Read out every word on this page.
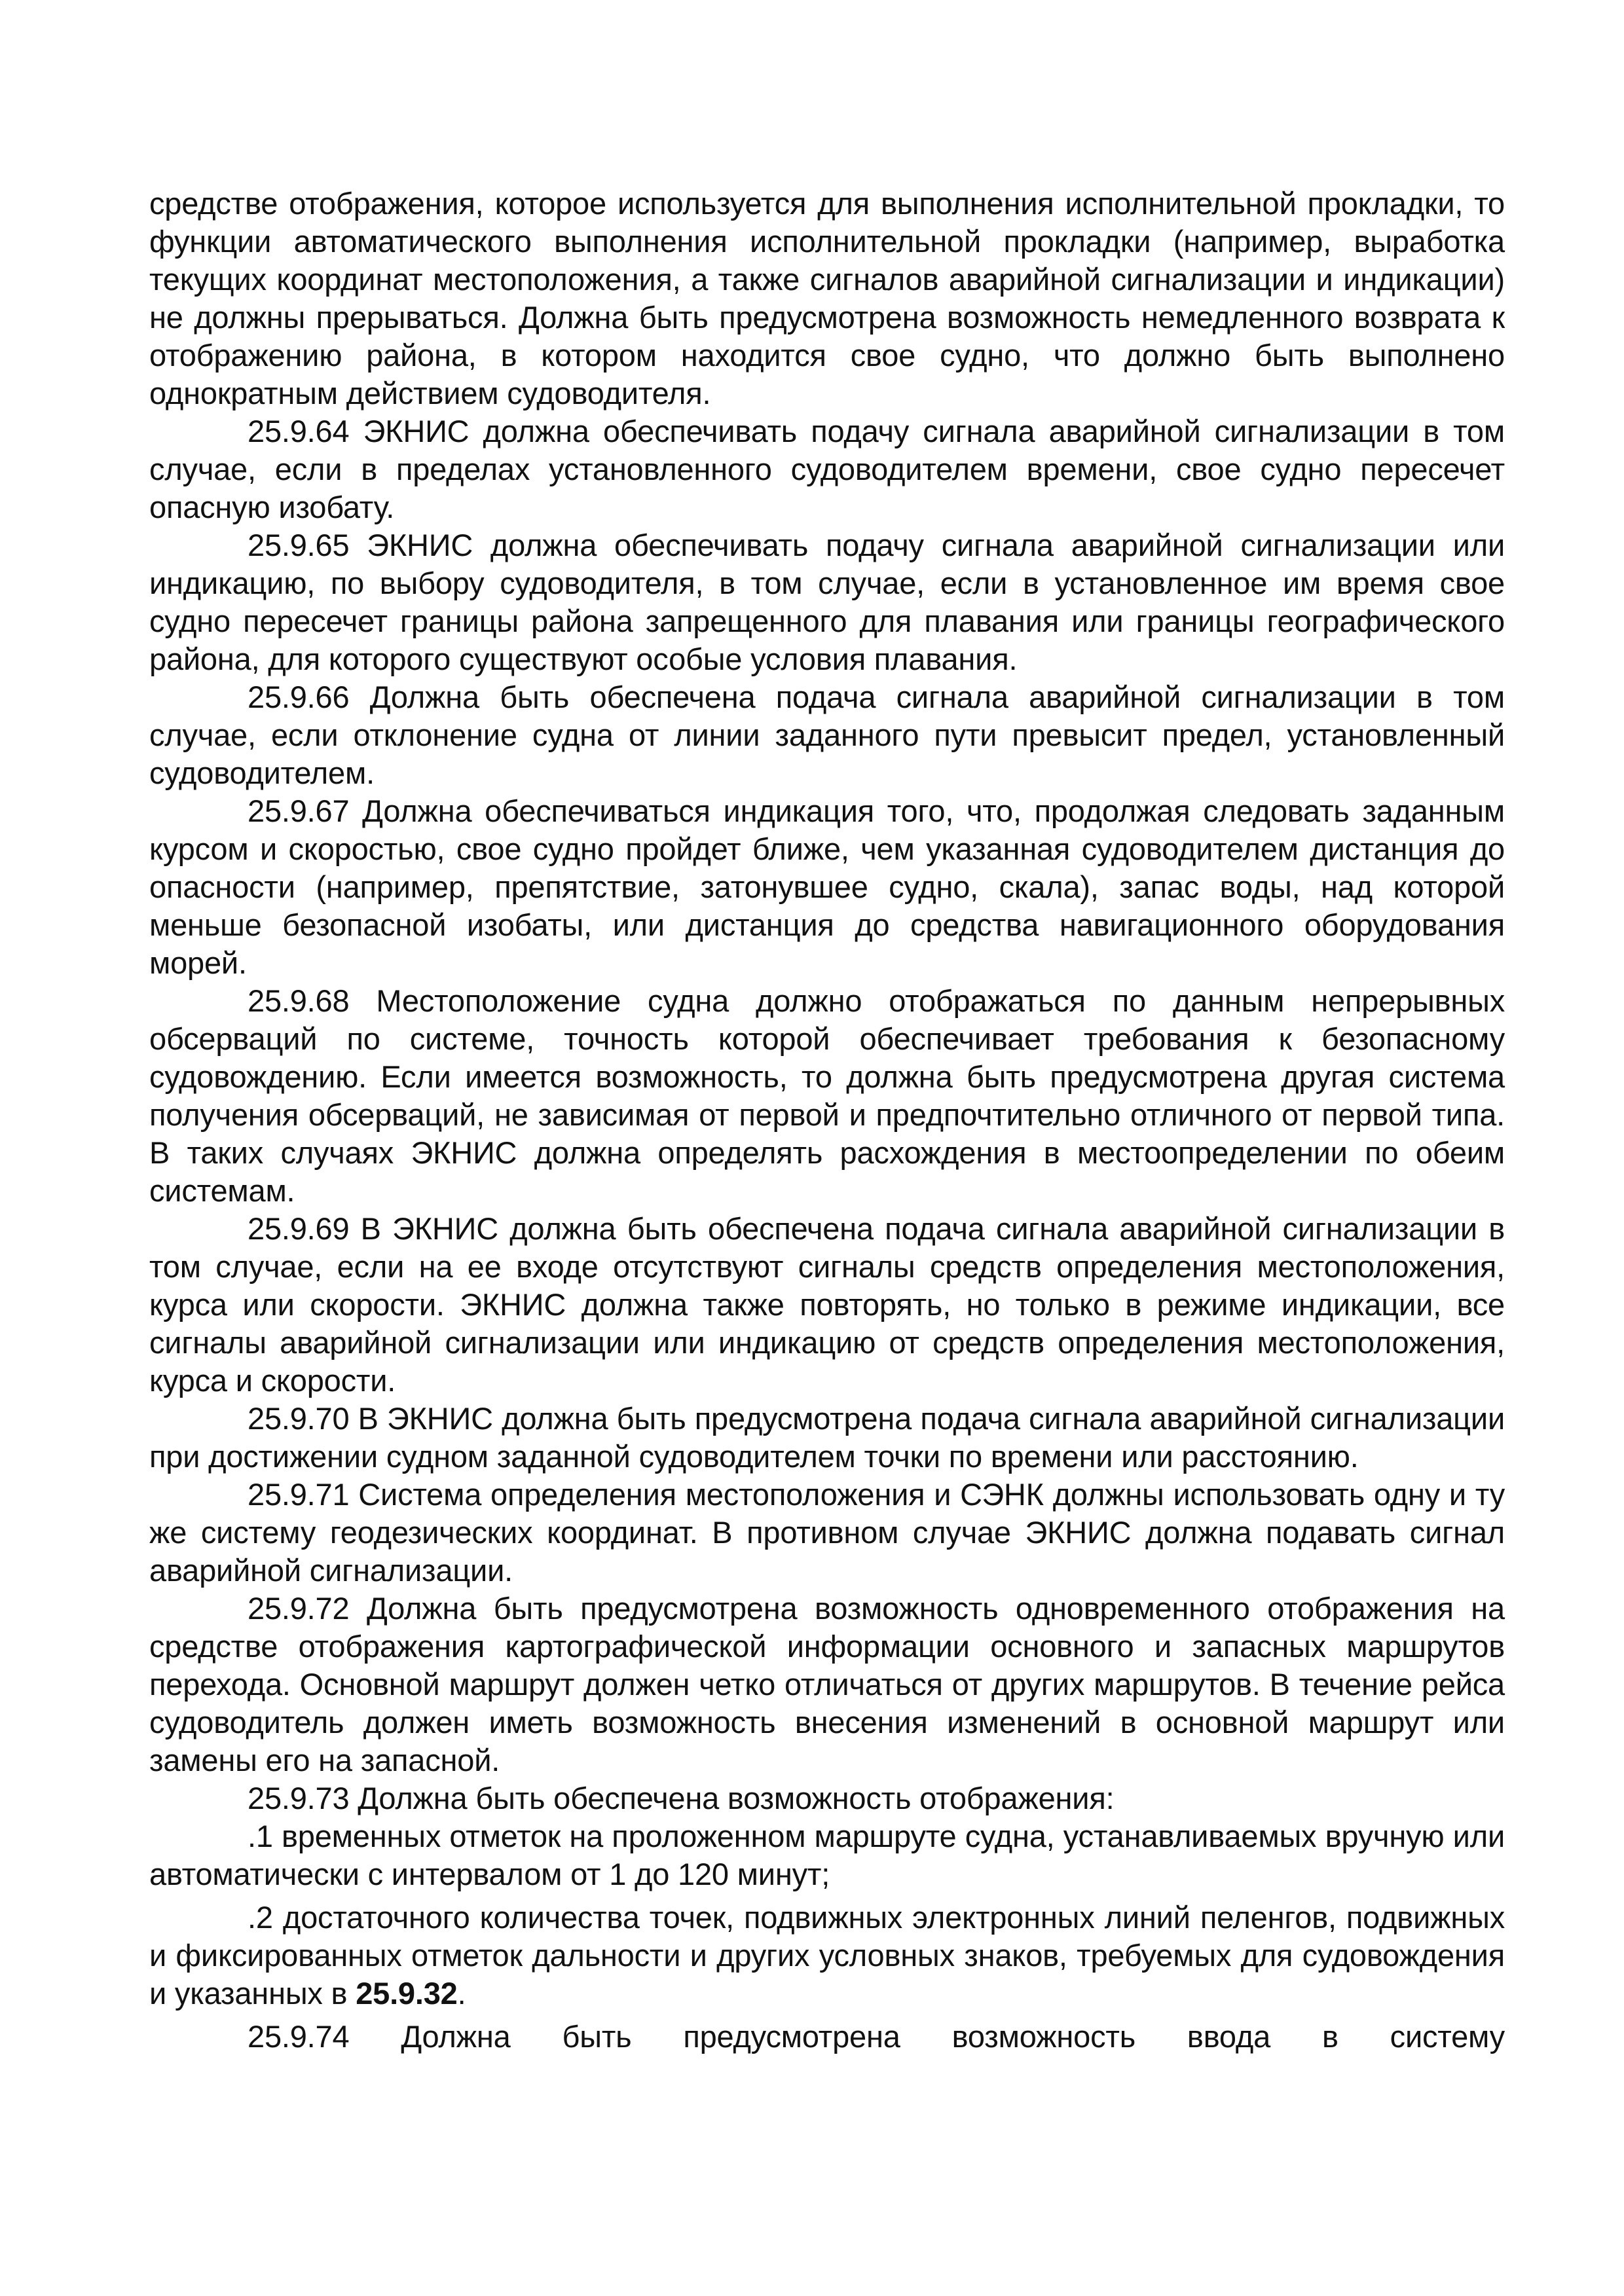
средстве отображения, которое используется для выполнения исполнительной прокладки, то функции автоматического выполнения исполнительной прокладки (например, выработка текущих координат местоположения, а также сигналов аварийной сигнализации и индикации) не должны прерываться. Должна быть предусмотрена возможность немедленного возврата к отображению района, в котором находится свое судно, что должно быть выполнено однократным действием судоводителя.

25.9.64 ЭКНИС должна обеспечивать подачу сигнала аварийной сигнализации в том случае, если в пределах установленного судоводителем времени, свое судно пересечет опасную изобату.

25.9.65 ЭКНИС должна обеспечивать подачу сигнала аварийной сигнализации или индикацию, по выбору судоводителя, в том случае, если в установленное им время свое судно пересечет границы района запрещенного для плавания или границы географического района, для которого существуют особые условия плавания.

25.9.66 Должна быть обеспечена подача сигнала аварийной сигнализации в том случае, если отклонение судна от линии заданного пути превысит предел, установленный судоводителем.

25.9.67 Должна обеспечиваться индикация того, что, продолжая следовать заданным курсом и скоростью, свое судно пройдет ближе, чем указанная судоводителем дистанция до опасности (например, препятствие, затонувшее судно, скала), запас воды, над которой меньше безопасной изобаты, или дистанция до средства навигационного оборудования морей.

25.9.68 Местоположение судна должно отображаться по данным непрерывных обсерваций по системе, точность которой обеспечивает требования к безопасному судовождению. Если имеется возможность, то должна быть предусмотрена другая система получения обсерваций, не зависимая от первой и предпочтительно отличного от первой типа. В таких случаях ЭКНИС должна определять расхождения в местоопределении по обеим системам.

25.9.69 В ЭКНИС должна быть обеспечена подача сигнала аварийной сигнализации в том случае, если на ее входе отсутствуют сигналы средств определения местоположения, курса или скорости. ЭКНИС должна также повторять, но только в режиме индикации, все сигналы аварийной сигнализации или индикацию от средств определения местоположения, курса и скорости.

25.9.70 В ЭКНИС должна быть предусмотрена подача сигнала аварийной сигнализации при достижении судном заданной судоводителем точки по времени или расстоянию.

25.9.71 Система определения местоположения и СЭНК должны использовать одну и ту же систему геодезических координат. В противном случае ЭКНИС должна подавать сигнал аварийной сигнализации.

25.9.72 Должна быть предусмотрена возможность одновременного отображения на средстве отображения картографической информации основного и запасных маршрутов перехода. Основной маршрут должен четко отличаться от других маршрутов. В течение рейса судоводитель должен иметь возможность внесения изменений в основной маршрут или замены его на запасной.

25.9.73 Должна быть обеспечена возможность отображения:

.1 временных отметок на проложенном маршруте судна, устанавливаемых вручную или автоматически с интервалом от 1 до 120 минут;

.2 достаточного количества точек, подвижных электронных линий пеленгов, подвижных и фиксированных отметок дальности и других условных знаков, требуемых для судовождения и указанных в 25.9.32.

25.9.74 Должна быть предусмотрена возможность ввода в систему
